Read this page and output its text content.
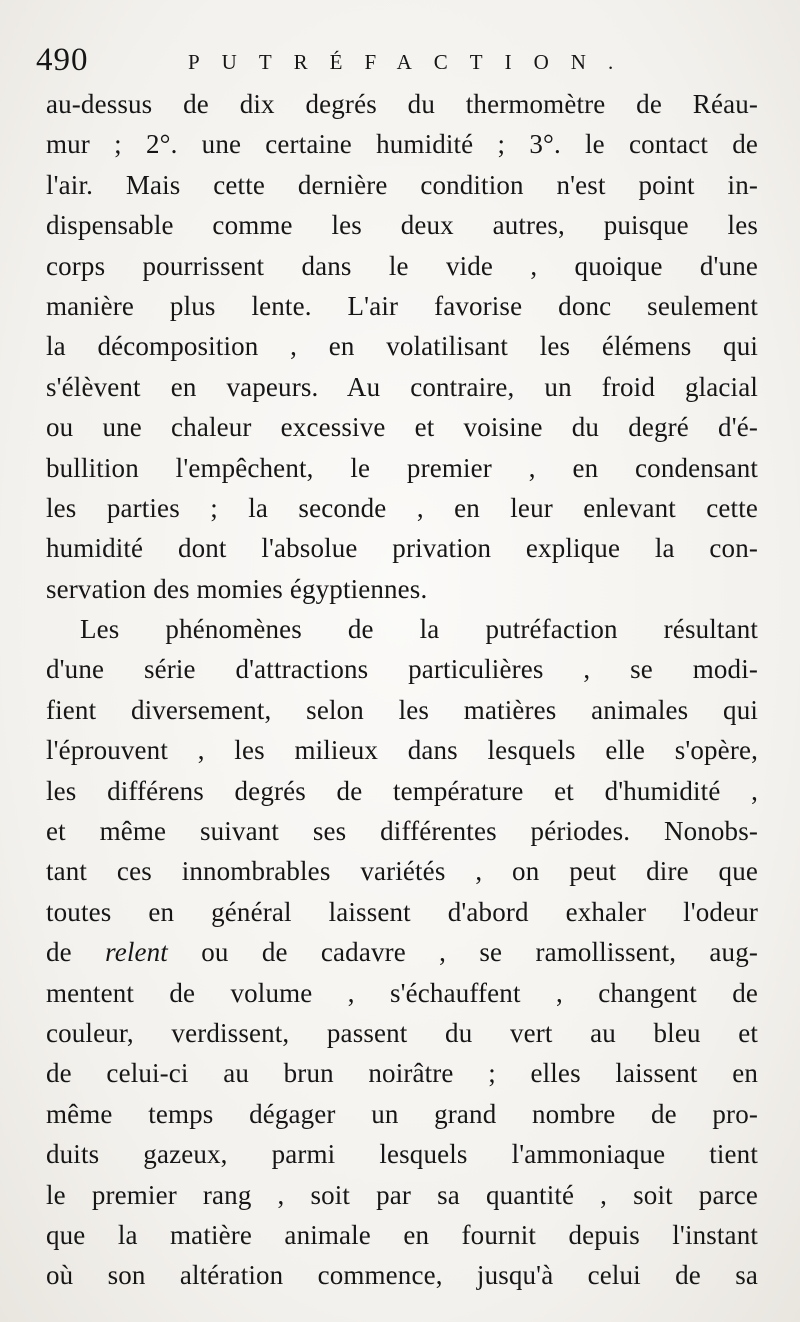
490	PUTRÉFACTION.
au-dessus de dix degrés du thermomètre de Réau-
mur ; 2°. une certaine humidité ; 3°. le contact de
l'air. Mais cette dernière condition n'est point in-
dispensable comme les deux autres, puisque les
corps pourrissent dans le vide , quoique d'une
manière plus lente. L'air favorise donc seulement
la décomposition , en volatilisant les élémens qui
s'élèvent en vapeurs. Au contraire, un froid glacial
ou une chaleur excessive et voisine du degré d'é-
bullition l'empêchent, le premier , en condensant
les parties ; la seconde , en leur enlevant cette
humidité dont l'absolue privation explique la con-
servation des momies égyptiennes.
Les phénomènes de la putréfaction résultant
d'une série d'attractions particulières , se modi-
fient diversement, selon les matières animales qui
l'éprouvent , les milieux dans lesquels elle s'opère,
les différens degrés de température et d'humidité ,
et même suivant ses différentes périodes. Nonobs-
tant ces innombrables variétés , on peut dire que
toutes en général laissent d'abord exhaler l'odeur
de relent ou de cadavre , se ramollissent, aug-
mentent de volume , s'échauffent , changent de
couleur, verdissent, passent du vert au bleu et
de celui-ci au brun noirâtre ; elles laissent en
même temps dégager un grand nombre de pro-
duits gazeux, parmi lesquels l'ammoniaque tient
le premier rang , soit par sa quantité , soit parce
que la matière animale en fournit depuis l'instant
où son altération commence, jusqu'à celui de sa
